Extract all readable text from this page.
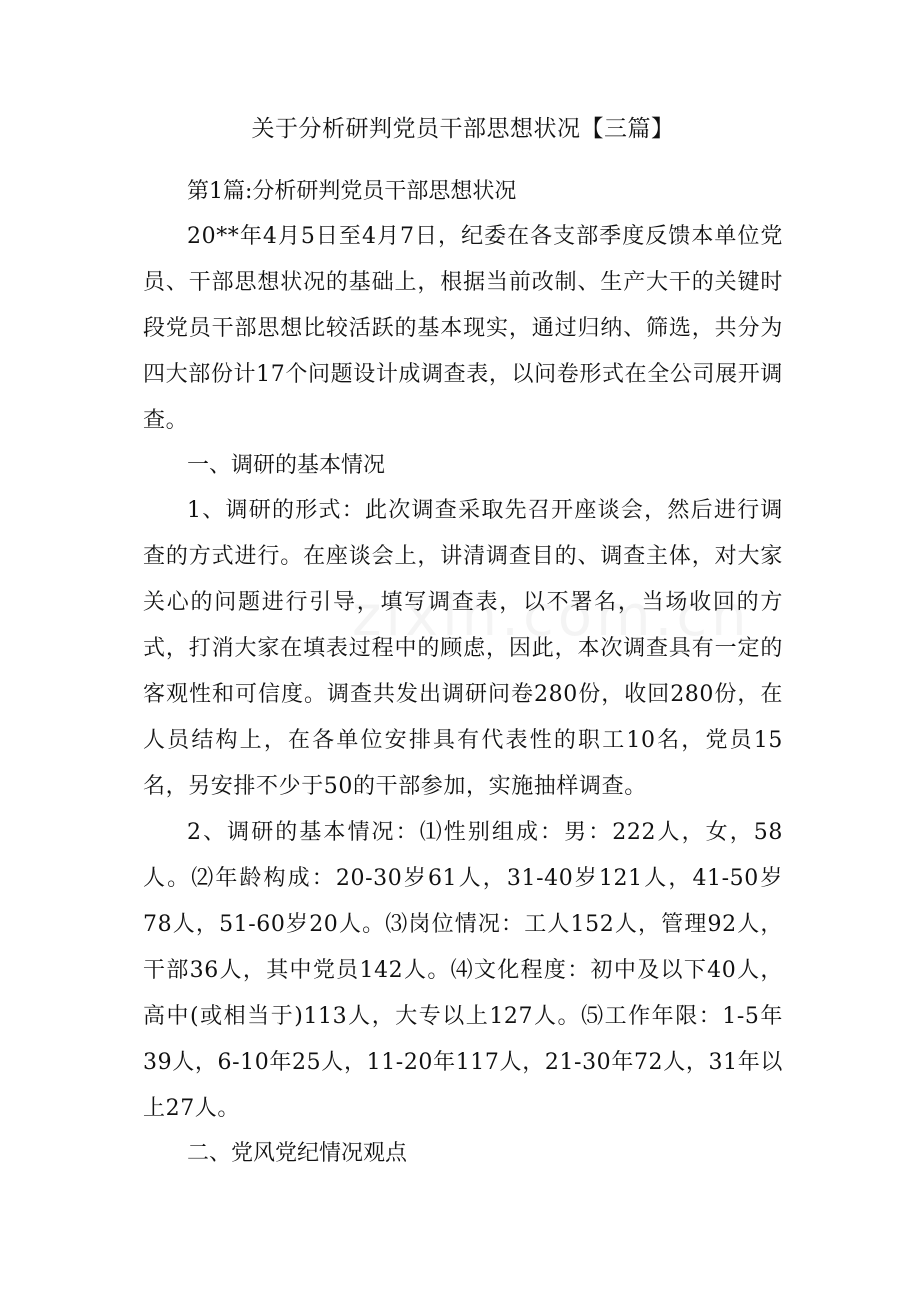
关于分析研判党员干部思想状况【三篇】

第1篇:分析研判党员干部思想状况

20**年4月5日至4月7日，纪委在各支部季度反馈本单位党员、干部思想状况的基础上，根据当前改制、生产大干的关键时段党员干部思想比较活跃的基本现实，通过归纳、筛选，共分为四大部份计17个问题设计成调查表，以问卷形式在全公司展开调查。

一、调研的基本情况

1、调研的形式：此次调查采取先召开座谈会，然后进行调查的方式进行。在座谈会上，讲清调查目的、调查主体，对大家关心的问题进行引导，填写调查表，以不署名，当场收回的方式，打消大家在填表过程中的顾虑，因此，本次调查具有一定的客观性和可信度。调查共发出调研问卷280份，收回280份，在人员结构上，在各单位安排具有代表性的职工10名，党员15名，另安排不少于50的干部参加，实施抽样调查。

2、调研的基本情况：⑴性别组成：男：222人，女，58人。⑵年龄构成：20-30岁61人，31-40岁121人，41-50岁78人，51-60岁20人。⑶岗位情况：工人152人，管理92人，干部36人，其中党员142人。⑷文化程度：初中及以下40人，高中(或相当于)113人，大专以上127人。⑸工作年限：1-5年39人，6-10年25人，11-20年117人，21-30年72人，31年以上27人。

二、党风党纪情况观点
